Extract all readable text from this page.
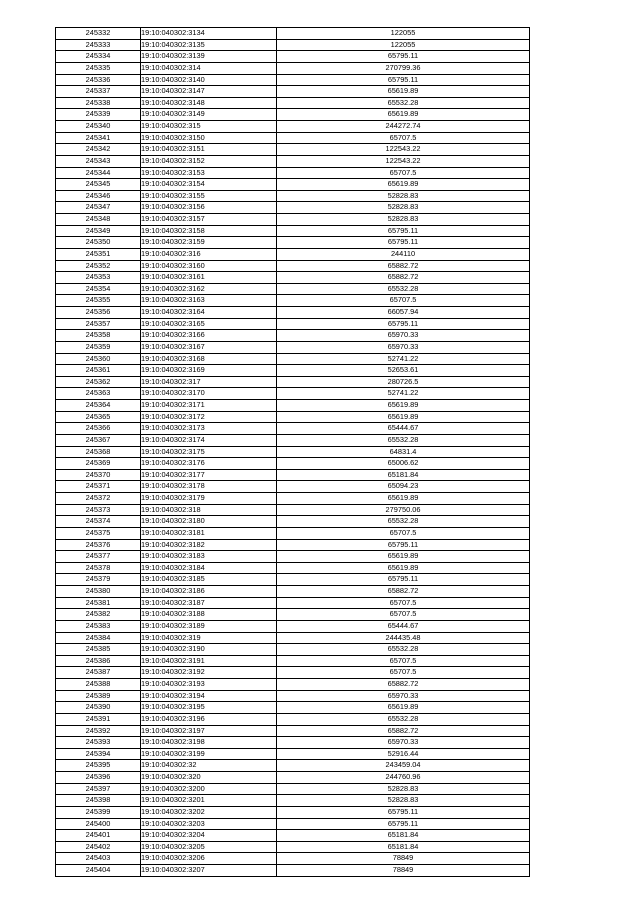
245332	19:10:040302:3134	122055
245333	19:10:040302:3135	122055
245334	19:10:040302:3139	65795.11
245335	19:10:040302:314	270799.36
245336	19:10:040302:3140	65795.11
245337	19:10:040302:3147	65619.89
245338	19:10:040302:3148	65532.28
245339	19:10:040302:3149	65619.89
245340	19:10:040302:315	244272.74
245341	19:10:040302:3150	65707.5
245342	19:10:040302:3151	122543.22
245343	19:10:040302:3152	122543.22
245344	19:10:040302:3153	65707.5
245345	19:10:040302:3154	65619.89
245346	19:10:040302:3155	52828.83
245347	19:10:040302:3156	52828.83
245348	19:10:040302:3157	52828.83
245349	19:10:040302:3158	65795.11
245350	19:10:040302:3159	65795.11
245351	19:10:040302:316	244110
245352	19:10:040302:3160	65882.72
245353	19:10:040302:3161	65882.72
245354	19:10:040302:3162	65532.28
245355	19:10:040302:3163	65707.5
245356	19:10:040302:3164	66057.94
245357	19:10:040302:3165	65795.11
245358	19:10:040302:3166	65970.33
245359	19:10:040302:3167	65970.33
245360	19:10:040302:3168	52741.22
245361	19:10:040302:3169	52653.61
245362	19:10:040302:317	280726.5
245363	19:10:040302:3170	52741.22
245364	19:10:040302:3171	65619.89
245365	19:10:040302:3172	65619.89
245366	19:10:040302:3173	65444.67
245367	19:10:040302:3174	65532.28
245368	19:10:040302:3175	64831.4
245369	19:10:040302:3176	65006.62
245370	19:10:040302:3177	65181.84
245371	19:10:040302:3178	65094.23
245372	19:10:040302:3179	65619.89
245373	19:10:040302:318	279750.06
245374	19:10:040302:3180	65532.28
245375	19:10:040302:3181	65707.5
245376	19:10:040302:3182	65795.11
245377	19:10:040302:3183	65619.89
245378	19:10:040302:3184	65619.89
245379	19:10:040302:3185	65795.11
245380	19:10:040302:3186	65882.72
245381	19:10:040302:3187	65707.5
245382	19:10:040302:3188	65707.5
245383	19:10:040302:3189	65444.67
245384	19:10:040302:319	244435.48
245385	19:10:040302:3190	65532.28
245386	19:10:040302:3191	65707.5
245387	19:10:040302:3192	65707.5
245388	19:10:040302:3193	65882.72
245389	19:10:040302:3194	65970.33
245390	19:10:040302:3195	65619.89
245391	19:10:040302:3196	65532.28
245392	19:10:040302:3197	65882.72
245393	19:10:040302:3198	65970.33
245394	19:10:040302:3199	52916.44
245395	19:10:040302:32	243459.04
245396	19:10:040302:320	244760.96
245397	19:10:040302:3200	52828.83
245398	19:10:040302:3201	52828.83
245399	19:10:040302:3202	65795.11
245400	19:10:040302:3203	65795.11
245401	19:10:040302:3204	65181.84
245402	19:10:040302:3205	65181.84
245403	19:10:040302:3206	78849
245404	19:10:040302:3207	78849
